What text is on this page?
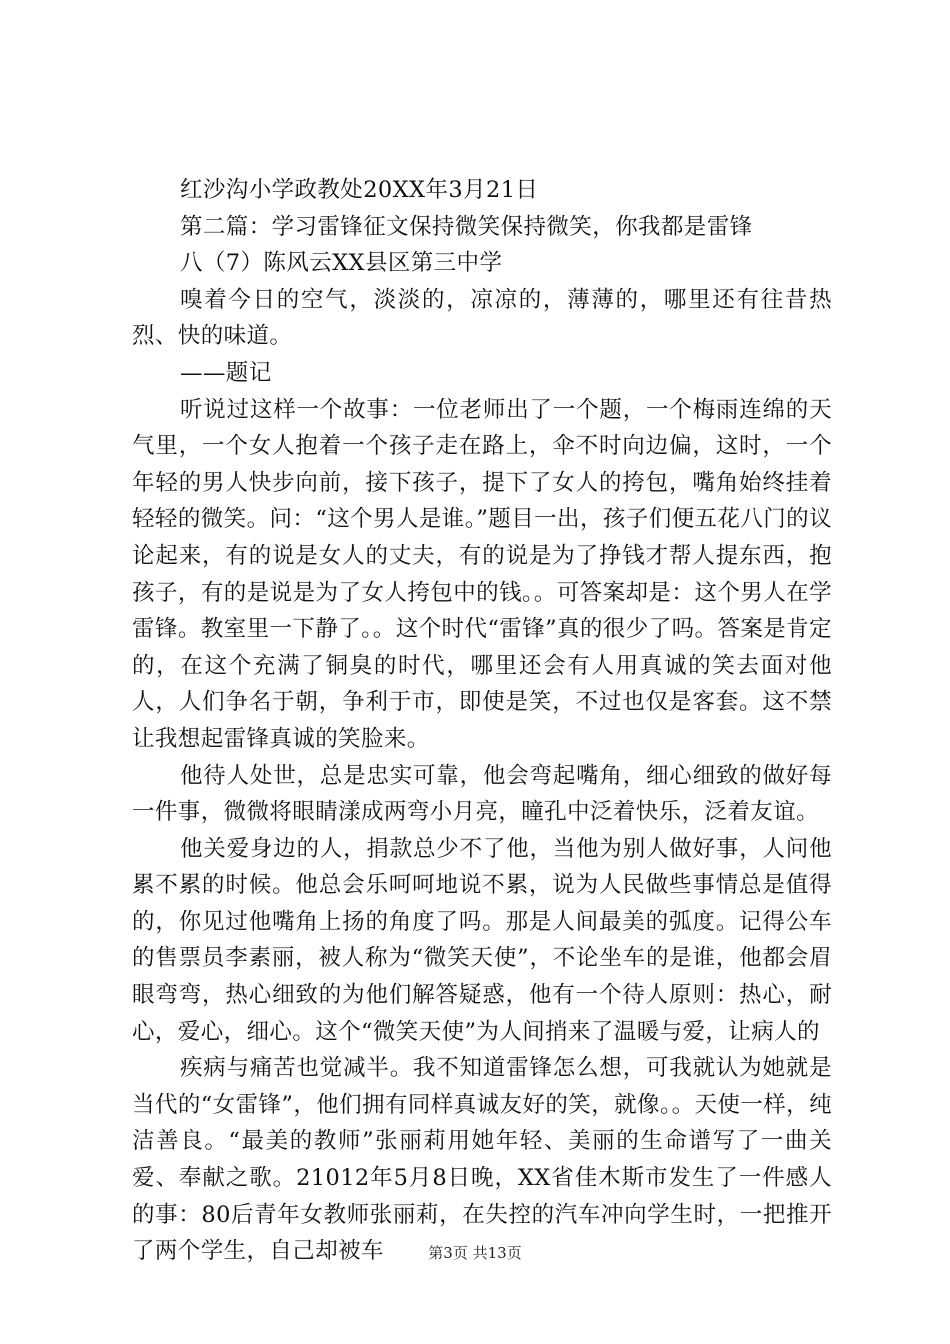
红沙沟小学政教处20XX年3月21日

第二篇：学习雷锋征文保持微笑保持微笑，你我都是雷锋

八（7）陈风云XX县区第三中学

嗅着今日的空气，淡淡的，凉凉的，薄薄的，哪里还有往昔热烈、快的味道。

——题记

听说过这样一个故事：一位老师出了一个题，一个梅雨连绵的天气里，一个女人抱着一个孩子走在路上，伞不时向边偏，这时，一个年轻的男人快步向前，接下孩子，提下了女人的挎包，嘴角始终挂着轻轻的微笑。问：“这个男人是谁。”题目一出，孩子们便五花八门的议论起来，有的说是女人的丈夫，有的说是为了挣钱才帮人提东西，抱孩子，有的是说是为了女人挎包中的钱。。可答案却是：这个男人在学雷锋。教室里一下静了。。这个时代“雷锋”真的很少了吗。答案是肯定的，在这个充满了铜臭的时代，哪里还会有人用真诚的笑去面对他人，人们争名于朝，争利于市，即使是笑，不过也仅是客套。这不禁让我想起雷锋真诚的笑脸来。

他待人处世，总是忠实可靠，他会弯起嘴角，细心细致的做好每一件事，微微将眼睛漾成两弯小月亮，瞳孔中泛着快乐，泛着友谊。

他关爱身边的人，捐款总少不了他，当他为别人做好事，人问他累不累的时候。他总会乐呵呵地说不累，说为人民做些事情总是值得的，你见过他嘴角上扬的角度了吗。那是人间最美的弧度。记得公车的售票员李素丽，被人称为“微笑天使”，不论坐车的是谁，他都会眉眼弯弯，热心细致的为他们解答疑惑，他有一个待人原则：热心，耐心，爱心，细心。这个“微笑天使”为人间捎来了温暖与爱，让病人的

疾病与痛苦也觉减半。我不知道雷锋怎么想，可我就认为她就是当代的“女雷锋”，他们拥有同样真诚友好的笑，就像。。天使一样，纯洁善良。“最美的教师”张丽莉用她年轻、美丽的生命谱写了一曲关爱、奉献之歌。21012年5月8日晚，XX省佳木斯市发生了一件感人的事：80后青年女教师张丽莉，在失控的汽车冲向学生时，一把推开了两个学生，自己却被车	第3页 共13页
